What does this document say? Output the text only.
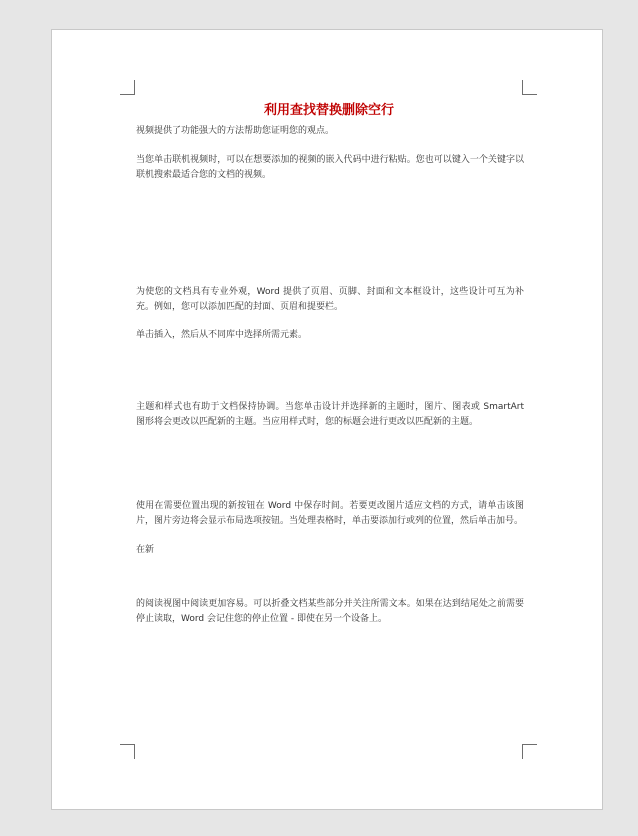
利用查找替换删除空行

视频提供了功能强大的方法帮助您证明您的观点。

当您单击联机视频时，可以在想要添加的视频的嵌入代码中进行粘贴。您也可以键入一个关键字以联机搜索最适合您的文档的视频。

为使您的文档具有专业外观，Word 提供了页眉、页脚、封面和文本框设计，这些设计可互为补充。例如，您可以添加匹配的封面、页眉和提要栏。

单击插入，然后从不同库中选择所需元素。

主题和样式也有助于文档保持协调。当您单击设计并选择新的主题时，图片、图表或 SmartArt 图形将会更改以匹配新的主题。当应用样式时，您的标题会进行更改以匹配新的主题。

使用在需要位置出现的新按钮在 Word 中保存时间。若要更改图片适应文档的方式，请单击该图片，图片旁边将会显示布局选项按钮。当处理表格时，单击要添加行或列的位置，然后单击加号。

在新

的阅读视图中阅读更加容易。可以折叠文档某些部分并关注所需文本。如果在达到结尾处之前需要停止读取，Word 会记住您的停止位置 - 即使在另一个设备上。
